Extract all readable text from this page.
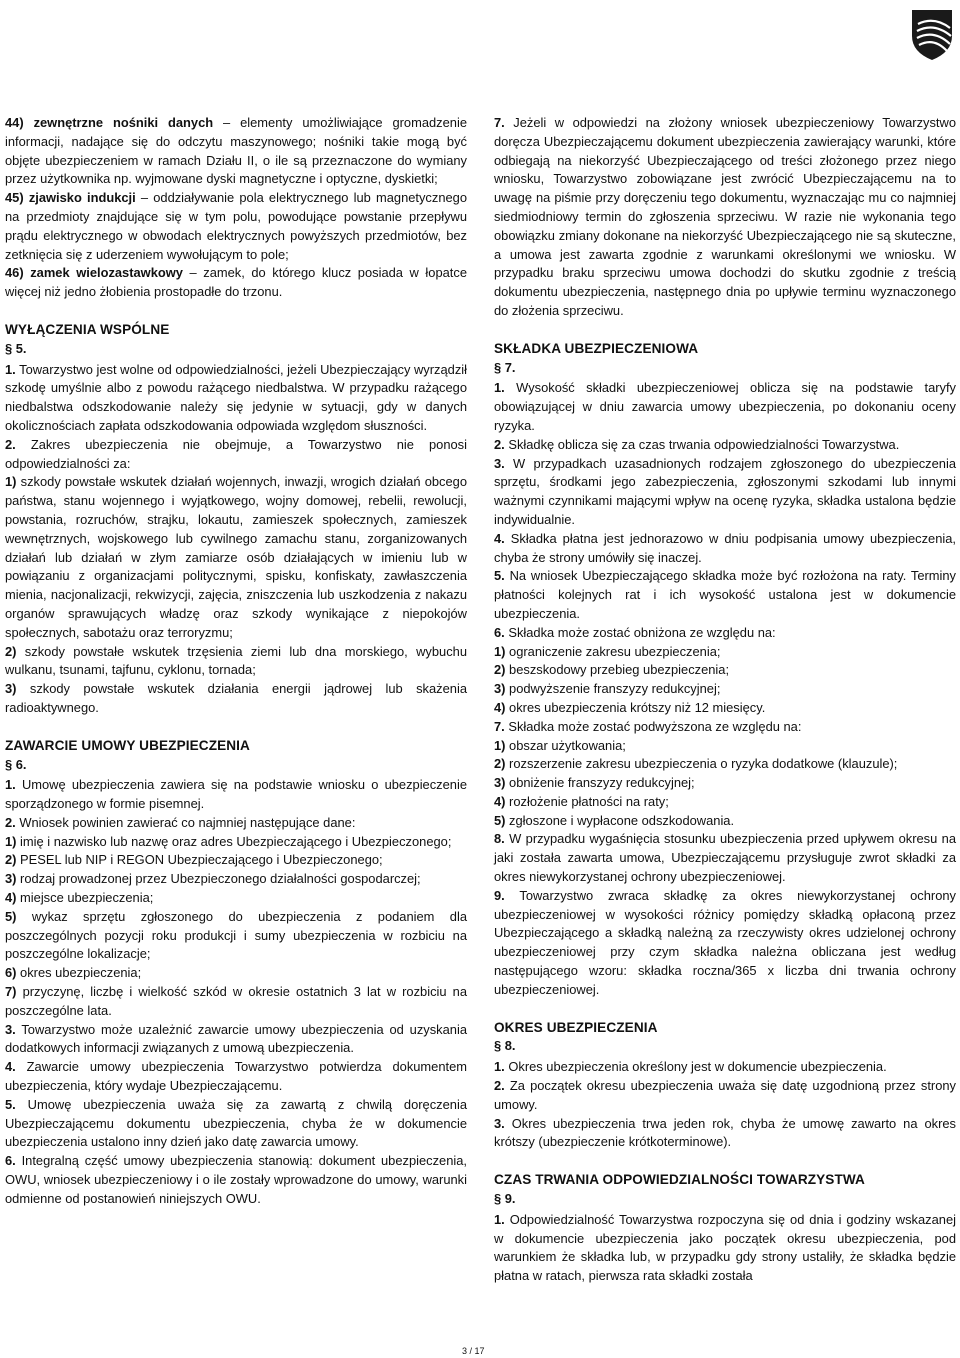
44) zewnętrzne nośniki danych – elementy umożliwiające gromadzenie informacji, nadające się do odczytu maszynowego; nośniki takie mogą być objęte ubezpieczeniem w ramach Działu II, o ile są przeznaczone do wymiany przez użytkownika np. wyjmowane dyski magnetyczne i optyczne, dyskietki;

45) zjawisko indukcji – oddziaływanie pola elektrycznego lub magnetycznego na przedmioty znajdujące się w tym polu, powodujące powstanie przepływu prądu elektrycznego w obwodach elektrycznych powyższych przedmiotów, bez zetknięcia się z uderzeniem wywołującym to pole;

46) zamek wielozastawkowy – zamek, do którego klucz posiada w łopatce więcej niż jedno żłobienia prostopadłe do trzonu.

WYŁĄCZENIA WSPÓLNE

§ 5.

1. Towarzystwo jest wolne od odpowiedzialności, jeżeli Ubezpieczający wyrządził szkodę umyślnie albo z powodu rażącego niedbalstwa. W przypadku rażącego niedbalstwa odszkodowanie należy się jedynie w sytuacji, gdy w danych okolicznościach zapłata odszkodowania odpowiada względom słuszności.

2. Zakres ubezpieczenia nie obejmuje, a Towarzystwo nie ponosi odpowiedzialności za:

1) szkody powstałe wskutek działań wojennych, inwazji, wrogich działań obcego państwa, stanu wojennego i wyjątkowego, wojny domowej, rebelii, rewolucji, powstania, rozruchów, strajku, lokautu, zamieszek społecznych, zamieszek wewnętrznych, wojskowego lub cywilnego zamachu stanu, zorganizowanych działań lub działań w złym zamiarze osób działających w imieniu lub w powiązaniu z organizacjami politycznymi, spisku, konfiskaty, zawłaszczenia mienia, nacjonalizacji, rekwizycji, zajęcia, zniszczenia lub uszkodzenia z nakazu organów sprawujących władzę oraz szkody wynikające z niepokojów społecznych, sabotażu oraz terroryzmu;

2) szkody powstałe wskutek trzęsienia ziemi lub dna morskiego, wybuchu wulkanu, tsunami, tajfunu, cyklonu, tornada;

3) szkody powstałe wskutek działania energii jądrowej lub skażenia radioaktywnego.

ZAWARCIE UMOWY UBEZPIECZENIA

§ 6.

1. Umowę ubezpieczenia zawiera się na podstawie wniosku o ubezpieczenie sporządzonego w formie pisemnej.

2. Wniosek powinien zawierać co najmniej następujące dane:

1) imię i nazwisko lub nazwę oraz adres Ubezpieczającego i Ubezpieczonego;

2) PESEL lub NIP i REGON Ubezpieczającego i Ubezpieczonego;

3) rodzaj prowadzonej przez Ubezpieczonego działalności gospodarczej;

4) miejsce ubezpieczenia;

5) wykaz sprzętu zgłoszonego do ubezpieczenia z podaniem dla poszczególnych pozycji roku produkcji i sumy ubezpieczenia w rozbiciu na poszczególne lokalizacje;

6) okres ubezpieczenia;

7) przyczynę, liczbę i wielkość szkód w okresie ostatnich 3 lat w rozbiciu na poszczególne lata.

3. Towarzystwo może uzależnić zawarcie umowy ubezpieczenia od uzyskania dodatkowych informacji związanych z umową ubezpieczenia.

4. Zawarcie umowy ubezpieczenia Towarzystwo potwierdza dokumentem ubezpieczenia, który wydaje Ubezpieczającemu.

5. Umowę ubezpieczenia uważa się za zawartą z chwilą doręczenia Ubezpieczającemu dokumentu ubezpieczenia, chyba że w dokumencie ubezpieczenia ustalono inny dzień jako datę zawarcia umowy.

6. Integralną część umowy ubezpieczenia stanowią: dokument ubezpieczenia, OWU, wniosek ubezpieczeniowy i o ile zostały wprowadzone do umowy, warunki odmienne od postanowień niniejszych OWU.

7. Jeżeli w odpowiedzi na złożony wniosek ubezpieczeniowy Towarzystwo doręcza Ubezpieczającemu dokument ubezpieczenia zawierający warunki, które odbiegają na niekorzyść Ubezpieczającego od treści złożonego przez niego wniosku, Towarzystwo zobowiązane jest zwrócić Ubezpieczającemu na to uwagę na piśmie przy doręczeniu tego dokumentu, wyznaczając mu co najmniej siedmiodniowy termin do zgłoszenia sprzeciwu. W razie nie wykonania tego obowiązku zmiany dokonane na niekorzyść Ubezpieczającego nie są skuteczne, a umowa jest zawarta zgodnie z warunkami określonymi we wniosku. W przypadku braku sprzeciwu umowa dochodzi do skutku zgodnie z treścią dokumentu ubezpieczenia, następnego dnia po upływie terminu wyznaczonego do złożenia sprzeciwu.

SKŁADKA UBEZPIECZENIOWA

§ 7.

1. Wysokość składki ubezpieczeniowej oblicza się na podstawie taryfy obowiązującej w dniu zawarcia umowy ubezpieczenia, po dokonaniu oceny ryzyka.

2. Składkę oblicza się za czas trwania odpowiedzialności Towarzystwa.

3. W przypadkach uzasadnionych rodzajem zgłoszonego do ubezpieczenia sprzętu, środkami jego zabezpieczenia, zgłoszonymi szkodami lub innymi ważnymi czynnikami mającymi wpływ na ocenę ryzyka, składka ustalona będzie indywidualnie.

4. Składka płatna jest jednorazowo w dniu podpisania umowy ubezpieczenia, chyba że strony umówiły się inaczej.

5. Na wniosek Ubezpieczającego składka może być rozłożona na raty. Terminy płatności kolejnych rat i ich wysokość ustalona jest w dokumencie ubezpieczenia.

6. Składka może zostać obniżona ze względu na:

1) ograniczenie zakresu ubezpieczenia;

2) beszskodowy przebieg ubezpieczenia;

3) podwyższenie franszyzy redukcyjnej;

4) okres ubezpieczenia krótszy niż 12 miesięcy.

7. Składka może zostać podwyższona ze względu na:

1) obszar użytkowania;

2) rozszerzenie zakresu ubezpieczenia o ryzyka dodatkowe (klauzule);

3) obniżenie franszyzy redukcyjnej;

4) rozłożenie płatności na raty;

5) zgłoszone i wypłacone odszkodowania.

8. W przypadku wygaśnięcia stosunku ubezpieczenia przed upływem okresu na jaki została zawarta umowa, Ubezpieczającemu przysługuje zwrot składki za okres niewykorzystanej ochrony ubezpieczeniowej.

9. Towarzystwo zwraca składkę za okres niewykorzystanej ochrony ubezpieczeniowej w wysokości różnicy pomiędzy składką opłaconą przez Ubezpieczającego a składką należną za rzeczywisty okres udzielonej ochrony ubezpieczeniowej przy czym składka należna obliczana jest według następującego wzoru: składka roczna/365 x liczba dni trwania ochrony ubezpieczeniowej.

OKRES UBEZPIECZENIA

§ 8.

1. Okres ubezpieczenia określony jest w dokumencie ubezpieczenia.

2. Za początek okresu ubezpieczenia uważa się datę uzgodnioną przez strony umowy.

3. Okres ubezpieczenia trwa jeden rok, chyba że umowę zawarto na okres krótszy (ubezpieczenie krótkoterminowe).

CZAS TRWANIA ODPOWIEDZIALNOŚCI TOWARZYSTWA

§ 9.

1. Odpowiedzialność Towarzystwa rozpoczyna się od dnia i godziny wskazanej w dokumencie ubezpieczenia jako początek okresu ubezpieczenia, pod warunkiem że składka lub, w przypadku gdy strony ustaliły, że składka będzie płatna w ratach, pierwsza rata składki została

3 / 17
